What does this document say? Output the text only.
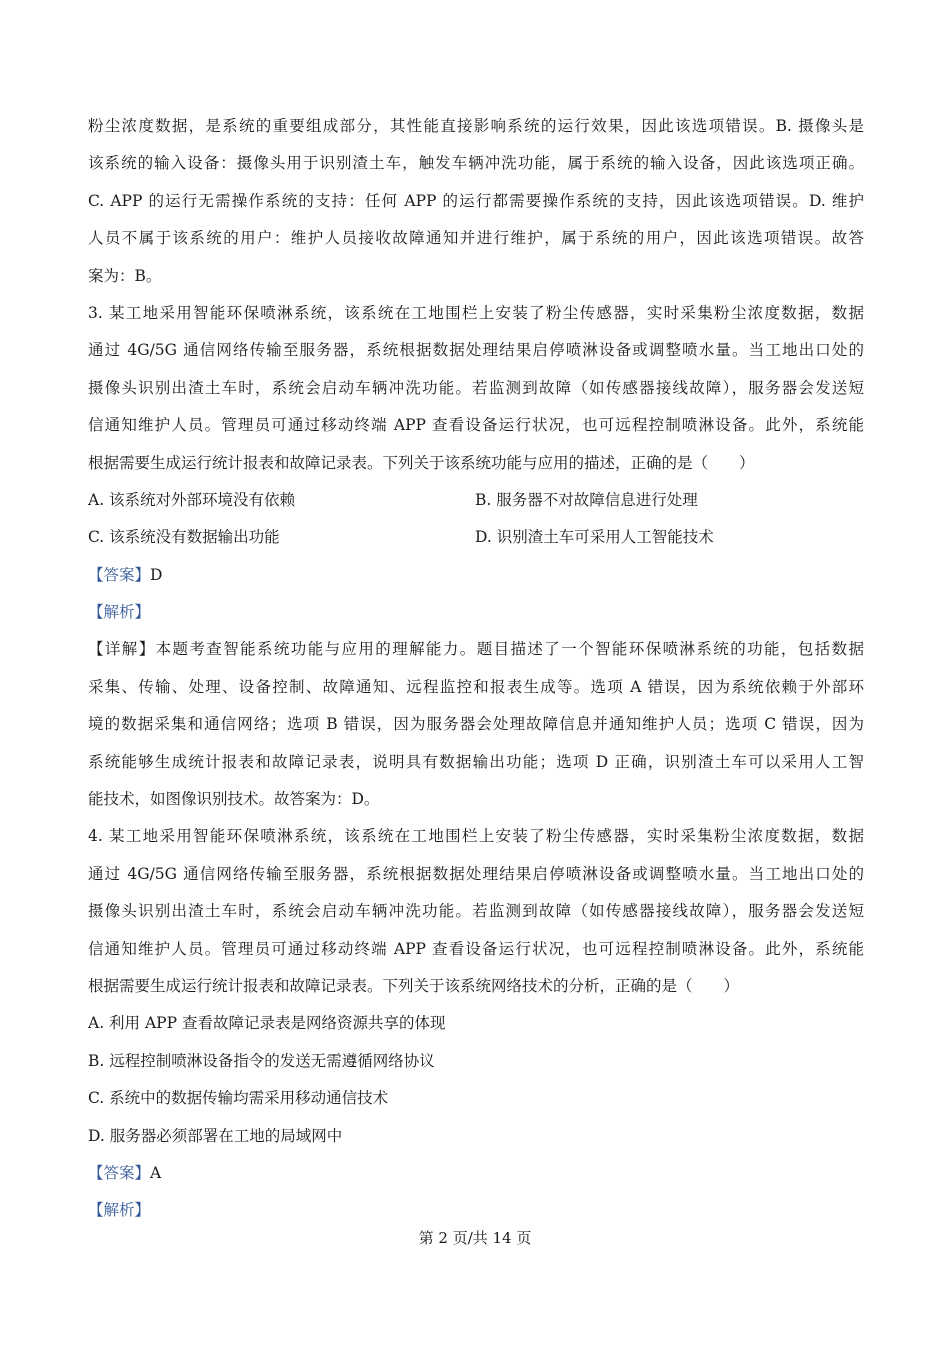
粉尘浓度数据，是系统的重要组成部分，其性能直接影响系统的运行效果，因此该选项错误。B. 摄像头是
该系统的输入设备：摄像头用于识别渣土车，触发车辆冲洗功能，属于系统的输入设备，因此该选项正确。
C. APP 的运行无需操作系统的支持：任何 APP 的运行都需要操作系统的支持，因此该选项错误。D. 维护
人员不属于该系统的用户：维护人员接收故障通知并进行维护，属于系统的用户，因此该选项错误。故答
案为：B。
3. 某工地采用智能环保喷淋系统，该系统在工地围栏上安装了粉尘传感器，实时采集粉尘浓度数据，数据
通过 4G/5G 通信网络传输至服务器，系统根据数据处理结果启停喷淋设备或调整喷水量。当工地出口处的
摄像头识别出渣土车时，系统会启动车辆冲洗功能。若监测到故障（如传感器接线故障），服务器会发送短
信通知维护人员。管理员可通过移动终端 APP 查看设备运行状况，也可远程控制喷淋设备。此外，系统能
根据需要生成运行统计报表和故障记录表。下列关于该系统功能与应用的描述，正确的是（　　）
A. 该系统对外部环境没有依赖	B. 服务器不对故障信息进行处理
C. 该系统没有数据输出功能	D. 识别渣土车可采用人工智能技术
【答案】D
【解析】
【详解】本题考查智能系统功能与应用的理解能力。题目描述了一个智能环保喷淋系统的功能，包括数据
采集、传输、处理、设备控制、故障通知、远程监控和报表生成等。选项 A 错误，因为系统依赖于外部环
境的数据采集和通信网络；选项 B 错误，因为服务器会处理故障信息并通知维护人员；选项 C 错误，因为
系统能够生成统计报表和故障记录表，说明具有数据输出功能；选项 D 正确，识别渣土车可以采用人工智
能技术，如图像识别技术。故答案为：D。
4. 某工地采用智能环保喷淋系统，该系统在工地围栏上安装了粉尘传感器，实时采集粉尘浓度数据，数据
通过 4G/5G 通信网络传输至服务器，系统根据数据处理结果启停喷淋设备或调整喷水量。当工地出口处的
摄像头识别出渣土车时，系统会启动车辆冲洗功能。若监测到故障（如传感器接线故障），服务器会发送短
信通知维护人员。管理员可通过移动终端 APP 查看设备运行状况，也可远程控制喷淋设备。此外，系统能
根据需要生成运行统计报表和故障记录表。下列关于该系统网络技术的分析，正确的是（　　）
A. 利用 APP 查看故障记录表是网络资源共享的体现
B. 远程控制喷淋设备指令的发送无需遵循网络协议
C. 系统中的数据传输均需采用移动通信技术
D. 服务器必须部署在工地的局域网中
【答案】A
【解析】
第 2 页/共 14 页
